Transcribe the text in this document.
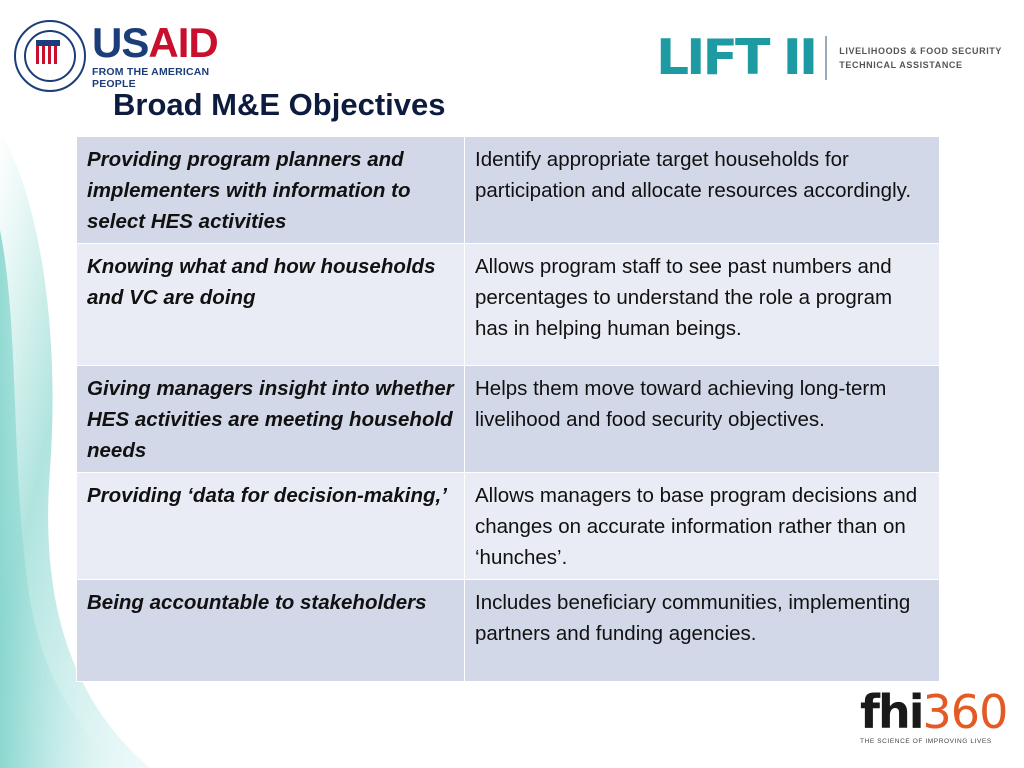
USAID
FROM THE AMERICAN PEOPLE	LIFT II	LIVELIHOODS & FOOD SECURITY
TECHNICAL ASSISTANCE
Broad M&E Objectives
Providing program planners and implementers with information to select HES activities	Identify appropriate target households for participation and allocate resources accordingly.
Knowing what and how households and VC are doing	Allows program staff to see past numbers and percentages to understand the role a program has in helping human beings.
Giving managers insight into whether HES activities are meeting household needs	Helps them move toward achieving long-term livelihood and food security objectives.
Providing ‘data for decision-making,’	Allows managers to base program decisions and changes on accurate information rather than on ‘hunches’.
Being accountable to stakeholders	Includes beneficiary communities, implementing partners and funding agencies.
fhi360
THE SCIENCE OF IMPROVING LIVES
